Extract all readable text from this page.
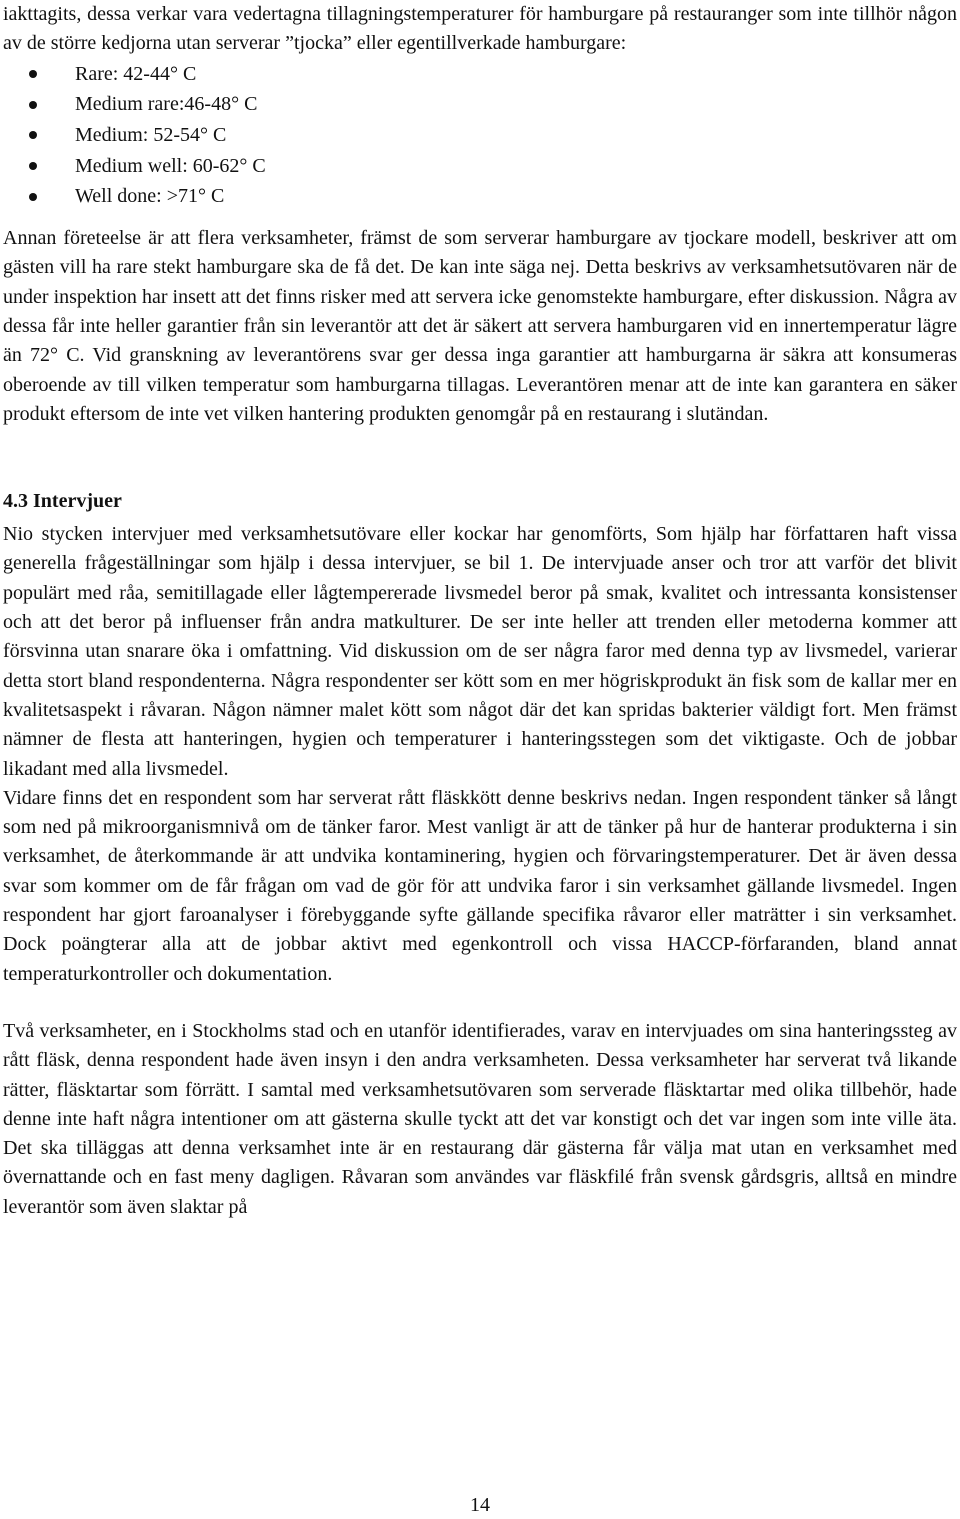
iakttagits, dessa verkar vara vedertagna tillagningstemperaturer för hamburgare på restauranger som inte tillhör någon av de större kedjorna utan serverar ”tjocka” eller egentillverkade hamburgare:

Rare: 42-44° C
Medium rare:46-48° C
Medium: 52-54° C
Medium well: 60-62° C
Well done: >71° C

Annan företeelse är att flera verksamheter, främst de som serverar hamburgare av tjockare modell, beskriver att om gästen vill ha rare stekt hamburgare ska de få det. De kan inte säga nej. Detta beskrivs av verksamhetsutövaren när de under inspektion har insett att det finns risker med att servera icke genomstekte hamburgare, efter diskussion. Några av dessa får inte heller garantier från sin leverantör att det är säkert att servera hamburgaren vid en innertemperatur lägre än 72° C. Vid granskning av leverantörens svar ger dessa inga garantier att hamburgarna är säkra att konsumeras oberoende av till vilken temperatur som hamburgarna tillagas. Leverantören menar att de inte kan garantera en säker produkt eftersom de inte vet vilken hantering produkten genomgår på en restaurang i slutändan.

4.3 Intervjuer

Nio stycken intervjuer med verksamhetsutövare eller kockar har genomförts, Som hjälp har författaren haft vissa generella frågeställningar som hjälp i dessa intervjuer, se bil 1. De intervjuade anser och tror att varför det blivit populärt med råa, semitillagade eller lågtempererade livsmedel beror på smak, kvalitet och intressanta konsistenser och att det beror på influenser från andra matkulturer. De ser inte heller att trenden eller metoderna kommer att försvinna utan snarare öka i omfattning. Vid diskussion om de ser några faror med denna typ av livsmedel, varierar detta stort bland respondenterna. Några respondenter ser kött som en mer högriskprodukt än fisk som de kallar mer en kvalitetsaspekt i råvaran. Någon nämner malet kött som något där det kan spridas bakterier väldigt fort. Men främst nämner de flesta att hanteringen, hygien och temperaturer i hanteringsstegen som det viktigaste. Och de jobbar likadant med alla livsmedel.

Vidare finns det en respondent som har serverat rått fläskkött denne beskrivs nedan. Ingen respondent tänker så långt som ned på mikroorganismnivå om de tänker faror. Mest vanligt är att de tänker på hur de hanterar produkterna i sin verksamhet, de återkommande är att undvika kontaminering, hygien och förvaringstemperaturer. Det är även dessa svar som kommer om de får frågan om vad de gör för att undvika faror i sin verksamhet gällande livsmedel. Ingen respondent har gjort faroanalyser i förebyggande syfte gällande specifika råvaror eller maträtter i sin verksamhet. Dock poängterar alla att de jobbar aktivt med egenkontroll och vissa HACCP-förfaranden, bland annat temperaturkontroller och dokumentation.

Två verksamheter, en i Stockholms stad och en utanför identifierades, varav en intervjuades om sina hanteringssteg av rått fläsk, denna respondent hade även insyn i den andra verksamheten. Dessa verksamheter har serverat två likande rätter, fläsktartar som förrätt. I samtal med verksamhetsutövaren som serverade fläsktartar med olika tillbehör, hade denne inte haft några intentioner om att gästerna skulle tyckt att det var konstigt och det var ingen som inte ville äta. Det ska tilläggas att denna verksamhet inte är en restaurang där gästerna får välja mat utan en verksamhet med övernattande och en fast meny dagligen. Råvaran som användes var fläskfilé från svensk gårdsgris, alltså en mindre leverantör som även slaktar på

14
